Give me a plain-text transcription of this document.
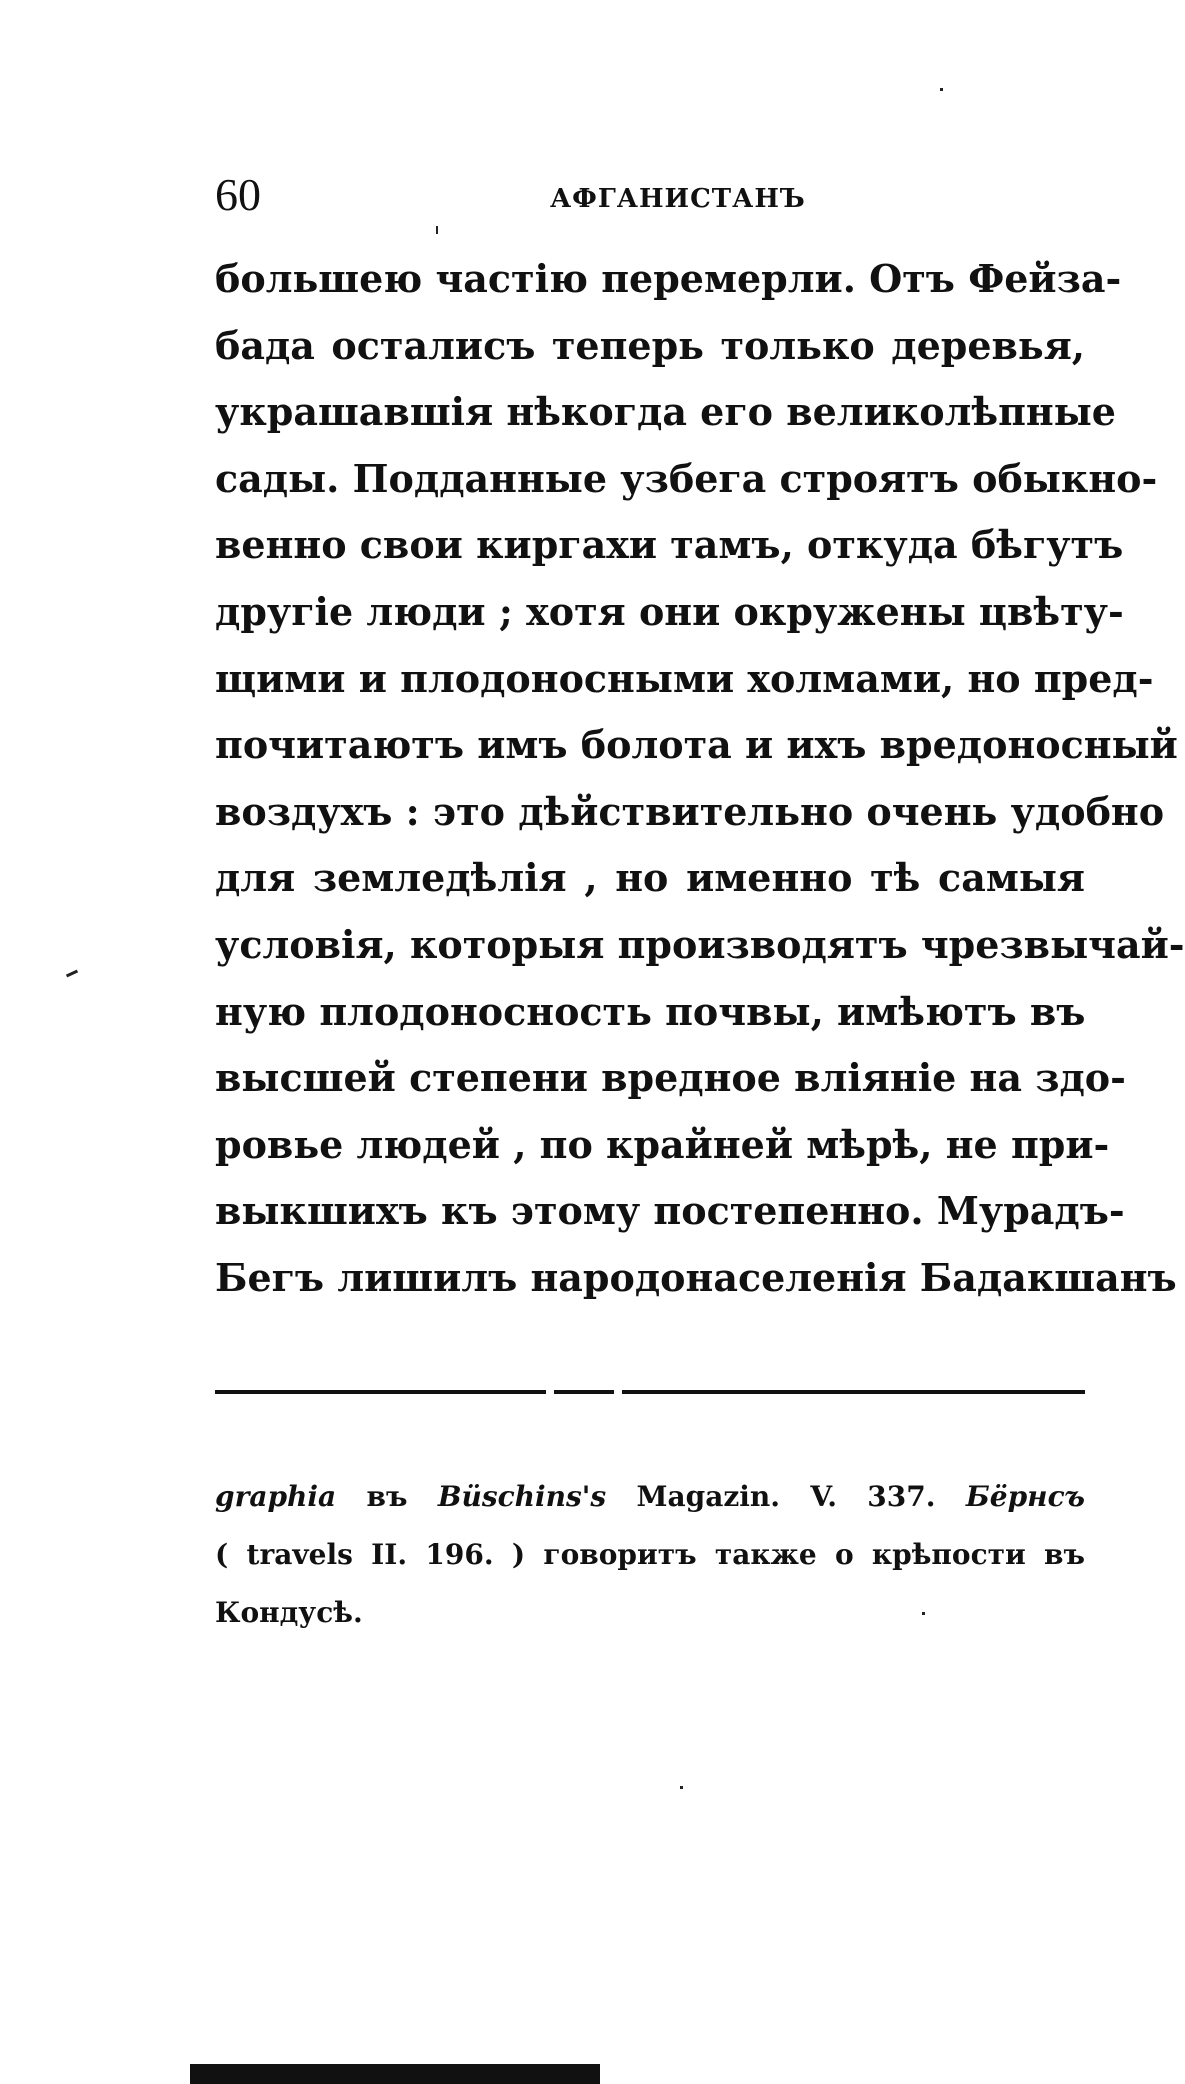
60	АФГАНИСТАНЪ
большею частію перемерли. Отъ Фейза-
бада осталисъ теперь только деревья,
украшавшія нѣкогда его великолѣпные
сады. Подданные узбега строятъ обыкно-
венно свои киргахи тамъ, откуда бѣгутъ
другіе люди ; хотя они окружены цвѣту-
щими и плодоносными холмами, но пред-
почитаютъ имъ болота и ихъ вредоносный
воздухъ : это дѣйствительно очень удобно
для земледѣлія , но именно тѣ самыя
условія, которыя производятъ чрезвычай-
ную плодоносность почвы, имѣютъ въ
высшей степени вредное вліяніе на здо-
ровье людей , по крайней мѣрѣ, не при-
выкшихъ къ этому постепенно. Мурадъ-
Бегъ лишилъ народонаселенія Бадакшанъ
graphia въ Büschins's Magazin. V. 337. Бёрнсъ
( travels II. 196. ) говоритъ также о крѣпости въ
Кондусѣ.
